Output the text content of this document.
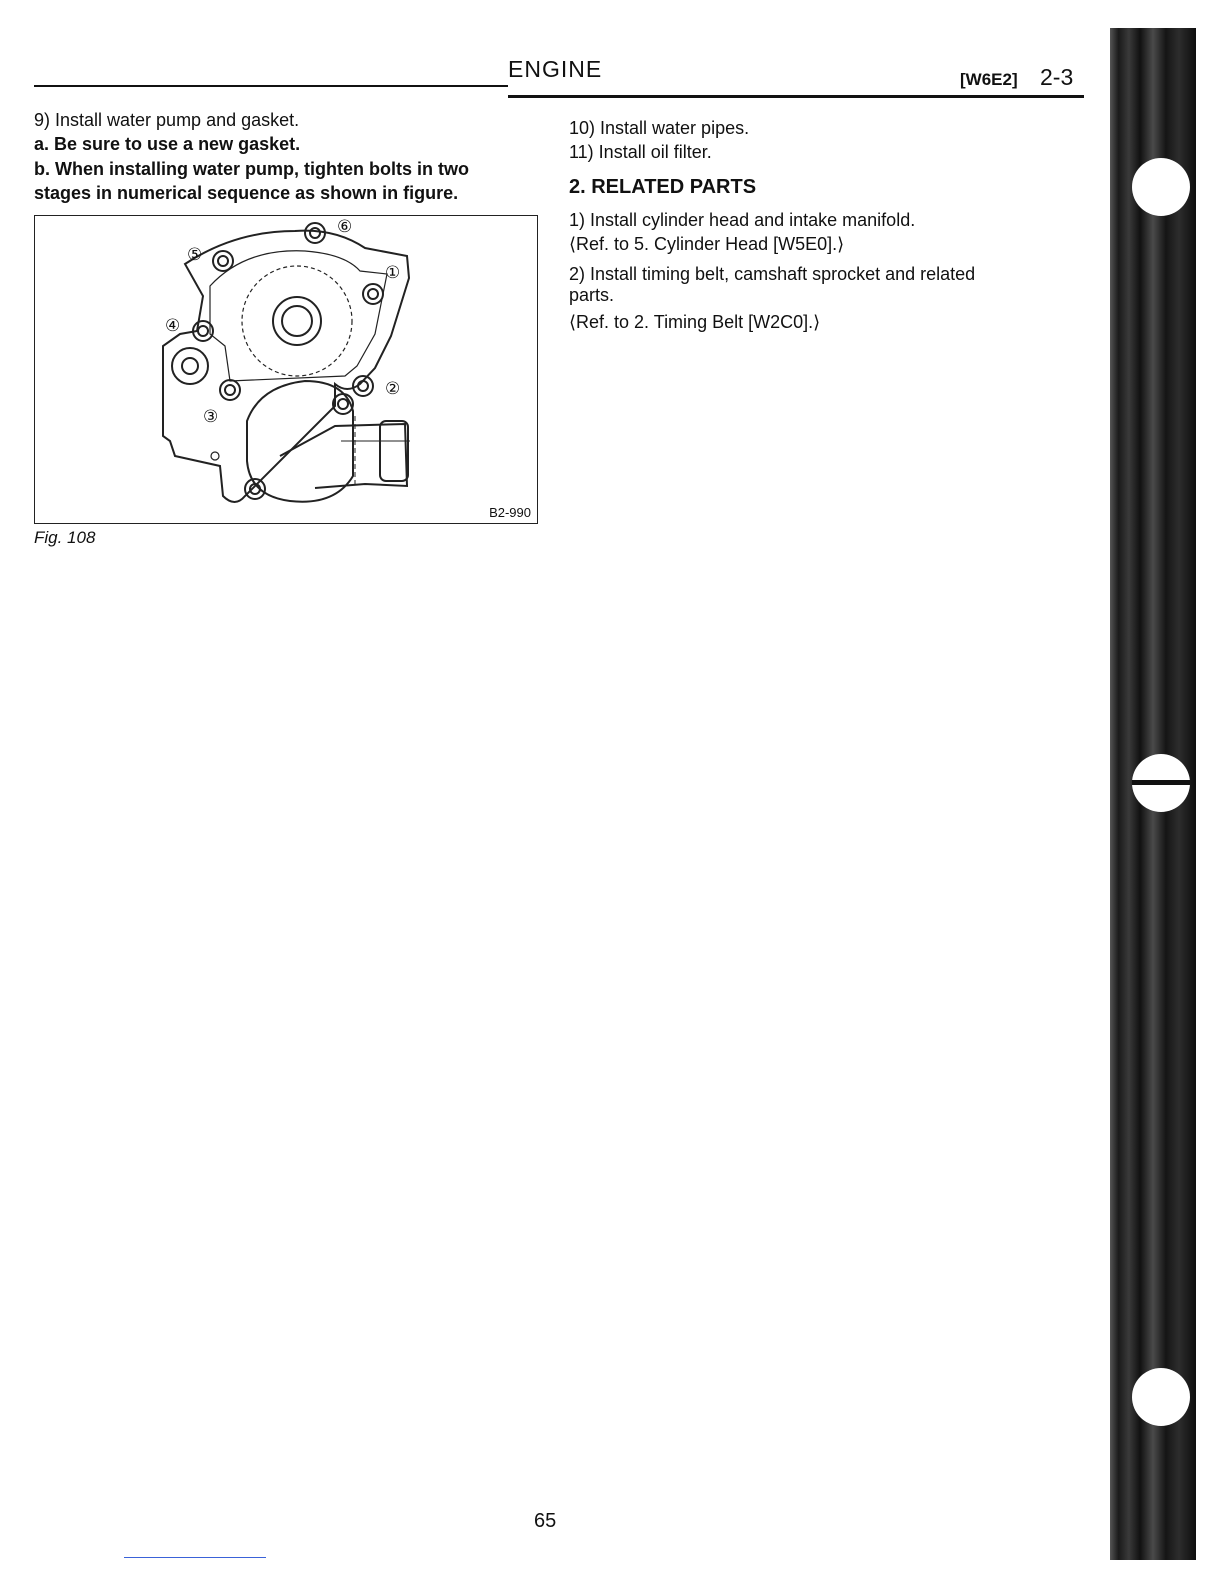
ENGINE	[W6E2] 2-3
9) Install water pump and gasket.
a. Be sure to use a new gasket.
b. When installing water pump, tighten bolts in two
stages in numerical sequence as shown in figure.
①
②
③
④
⑤
⑥
B2-990
Fig. 108
10) Install water pipes.
11) Install oil filter.
2. RELATED PARTS
1) Install cylinder head and intake manifold.
⟨Ref. to 5. Cylinder Head [W5E0].⟩
2) Install timing belt, camshaft sprocket and related
parts.
⟨Ref. to 2. Timing Belt [W2C0].⟩
65
